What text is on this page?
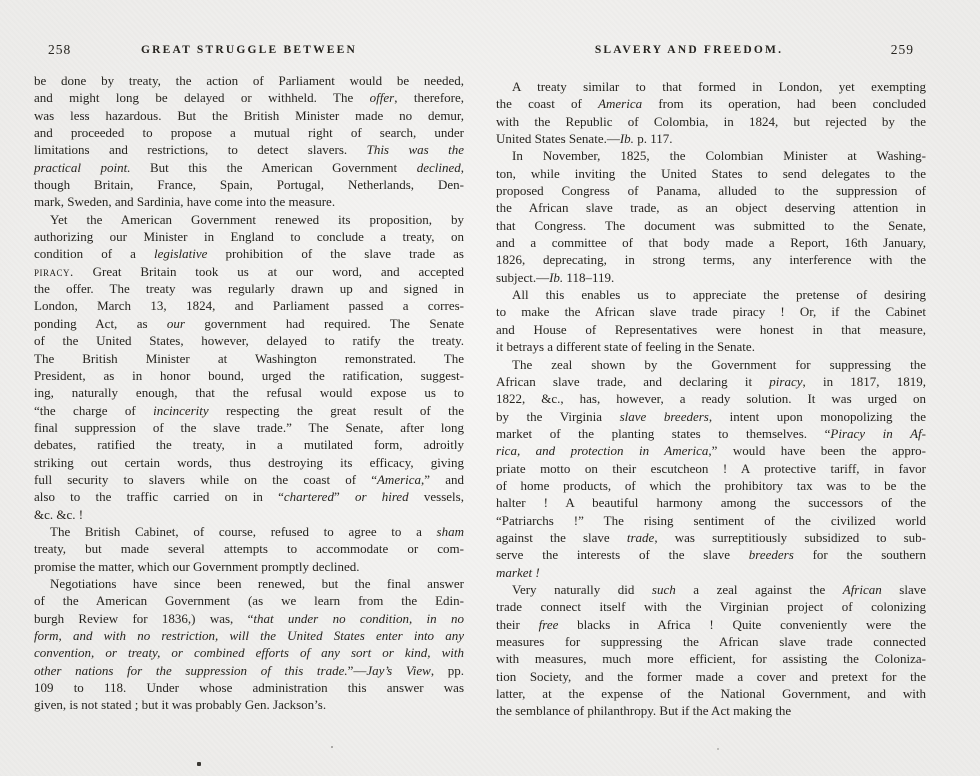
258	GREAT STRUGGLE BETWEEN
be done by treaty, the action of Parliament would be needed,
and might long be delayed or withheld. The offer, therefore,
was less hazardous. But the British Minister made no demur,
and proceeded to propose a mutual right of search, under
limitations and restrictions, to detect slavers. This was the
practical point. But this the American Government declined,
though Britain, France, Spain, Portugal, Netherlands, Den-
mark, Sweden, and Sardinia, have come into the measure.
Yet the American Government renewed its proposition, by
authorizing our Minister in England to conclude a treaty, on
condition of a legislative prohibition of the slave trade as
piracy. Great Britain took us at our word, and accepted
the offer. The treaty was regularly drawn up and signed in
London, March 13, 1824, and Parliament passed a corres-
ponding Act, as our government had required. The Senate
of the United States, however, delayed to ratify the treaty.
The British Minister at Washington remonstrated. The
President, as in honor bound, urged the ratification, suggest-
ing, naturally enough, that the refusal would expose us to
“the charge of incincerity respecting the great result of the
final suppression of the slave trade.” The Senate, after long
debates, ratified the treaty, in a mutilated form, adroitly
striking out certain words, thus destroying its efficacy, giving
full security to slavers while on the coast of “America,” and
also to the traffic carried on in “chartered” or hired vessels,
&c. &c. !
The British Cabinet, of course, refused to agree to a sham
treaty, but made several attempts to accommodate or com-
promise the matter, which our Government promptly declined.
Negotiations have since been renewed, but the final answer
of the American Government (as we learn from the Edin-
burgh Review for 1836,) was, “that under no condition, in no
form, and with no restriction, will the United States enter into any
convention, or treaty, or combined efforts of any sort or kind, with
other nations for the suppression of this trade.”—Jay’s View, pp.
109 to 118. Under whose administration this answer was
given, is not stated ; but it was probably Gen. Jackson’s.
SLAVERY AND FREEDOM.	259
A treaty similar to that formed in London, yet exempting
the coast of America from its operation, had been concluded
with the Republic of Colombia, in 1824, but rejected by the
United States Senate.—Ib. p. 117.
In November, 1825, the Colombian Minister at Washing-
ton, while inviting the United States to send delegates to the
proposed Congress of Panama, alluded to the suppression of
the African slave trade, as an object deserving attention in
that Congress. The document was submitted to the Senate,
and a committee of that body made a Report, 16th January,
1826, deprecating, in strong terms, any interference with the
subject.—Ib. 118–119.
All this enables us to appreciate the pretense of desiring
to make the African slave trade piracy ! Or, if the Cabinet
and House of Representatives were honest in that measure,
it betrays a different state of feeling in the Senate.
The zeal shown by the Government for suppressing the
African slave trade, and declaring it piracy, in 1817, 1819,
1822, &c., has, however, a ready solution. It was urged on
by the Virginia slave breeders, intent upon monopolizing the
market of the planting states to themselves. “Piracy in Af-
rica, and protection in America,” would have been the appro-
priate motto on their escutcheon ! A protective tariff, in favor
of home products, of which the prohibitory tax was to be the
halter ! A beautiful harmony among the successors of the
“Patriarchs !” The rising sentiment of the civilized world
against the slave trade, was surreptitiously subsidized to sub-
serve the interests of the slave breeders for the southern
market !
Very naturally did such a zeal against the African slave
trade connect itself with the Virginian project of colonizing
their free blacks in Africa ! Quite conveniently were the
measures for suppressing the African slave trade connected
with measures, much more efficient, for assisting the Coloniza-
tion Society, and the former made a cover and pretext for the
latter, at the expense of the National Government, and with
the semblance of philanthropy. But if the Act making the
